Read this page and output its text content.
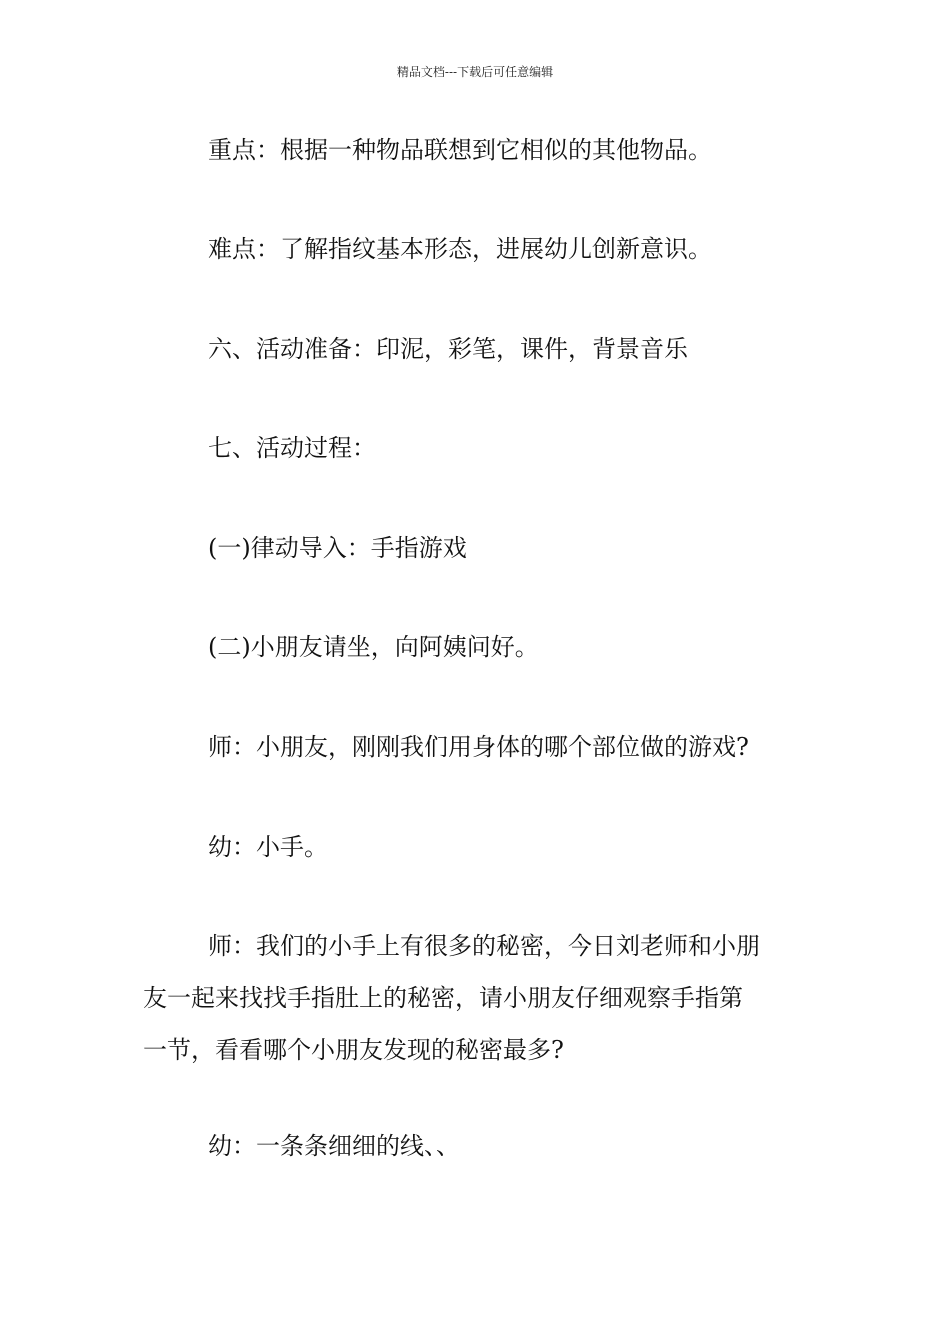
精品文档---下载后可任意编辑
重点：根据一种物品联想到它相似的其他物品。
难点：了解指纹基本形态，进展幼儿创新意识。
六、活动准备：印泥，彩笔，课件，背景音乐
七、活动过程：
(一)律动导入：手指游戏
(二)小朋友请坐，向阿姨问好。
师：小朋友，刚刚我们用身体的哪个部位做的游戏?
幼：小手。
师：我们的小手上有很多的秘密，今日刘老师和小朋
友一起来找找手指肚上的秘密，请小朋友仔细观察手指第
一节，看看哪个小朋友发现的秘密最多?
幼：一条条细细的线、、
